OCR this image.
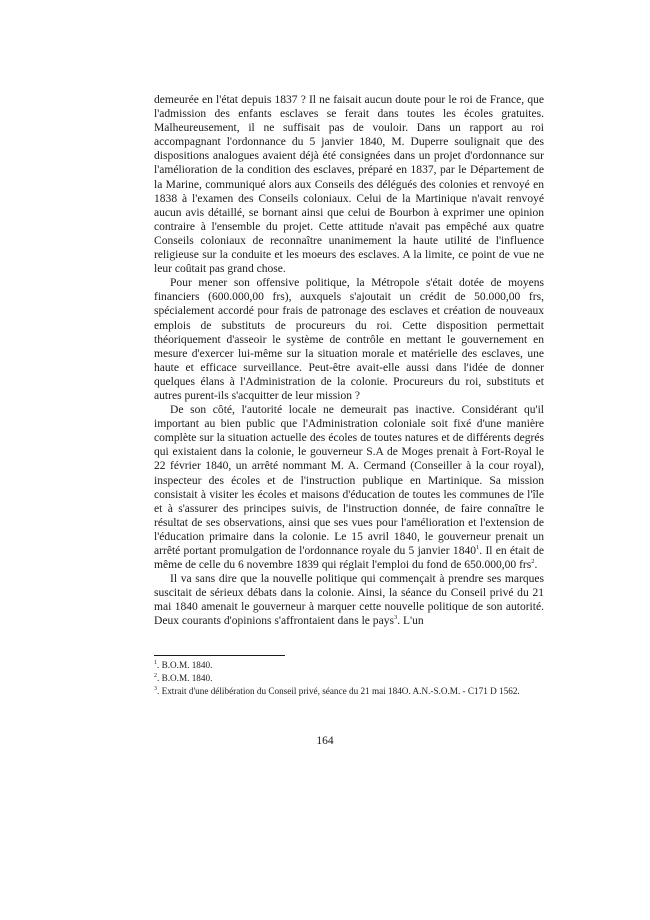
demeurée en l'état depuis 1837 ? Il ne faisait aucun doute pour le roi de France, que l'admission des enfants esclaves se ferait dans toutes les écoles gratuites. Malheureusement, il ne suffisait pas de vouloir. Dans un rapport au roi accompagnant l'ordonnance du 5 janvier 1840, M. Duperre soulignait que des dispositions analogues avaient déjà été consignées dans un projet d'ordonnance sur l'amélioration de la condition des esclaves, préparé en 1837, par le Département de la Marine, communiqué alors aux Conseils des délégués des colonies et renvoyé en 1838 à l'examen des Conseils coloniaux. Celui de la Martinique n'avait renvoyé aucun avis détaillé, se bornant ainsi que celui de Bourbon à exprimer une opinion contraire à l'ensemble du projet. Cette attitude n'avait pas empêché aux quatre Conseils coloniaux de reconnaître unanimement la haute utilité de l'influence religieuse sur la conduite et les moeurs des esclaves. A la limite, ce point de vue ne leur coûtait pas grand chose.

Pour mener son offensive politique, la Métropole s'était dotée de moyens financiers (600.000,00 frs), auxquels s'ajoutait un crédit de 50.000,00 frs, spécialement accordé pour frais de patronage des esclaves et création de nouveaux emplois de substituts de procureurs du roi. Cette disposition permettait théoriquement d'asseoir le système de contrôle en mettant le gouvernement en mesure d'exercer lui-même sur la situation morale et matérielle des esclaves, une haute et efficace surveillance. Peut-être avait-elle aussi dans l'idée de donner quelques élans à l'Administration de la colonie. Procureurs du roi, substituts et autres purent-ils s'acquitter de leur mission ?

De son côté, l'autorité locale ne demeurait pas inactive. Considérant qu'il important au bien public que l'Administration coloniale soit fixé d'une manière complète sur la situation actuelle des écoles de toutes natures et de différents degrés qui existaient dans la colonie, le gouverneur S.A de Moges prenait à Fort-Royal le 22 février 1840, un arrêté nommant M. A. Cermand (Conseiller à la cour royal), inspecteur des écoles et de l'instruction publique en Martinique. Sa mission consistait à visiter les écoles et maisons d'éducation de toutes les communes de l'île et à s'assurer des principes suivis, de l'instruction donnée, de faire connaître le résultat de ses observations, ainsi que ses vues pour l'amélioration et l'extension de l'éducation primaire dans la colonie. Le 15 avril 1840, le gouverneur prenait un arrêté portant promulgation de l'ordonnance royale du 5 janvier 1840$^1$. Il en était de même de celle du 6 novembre 1839 qui réglait l'emploi du fond de 650.000,00 frs$^2$.

Il va sans dire que la nouvelle politique qui commençait à prendre ses marques suscitait de sérieux débats dans la colonie. Ainsi, la séance du Conseil privé du 21 mai 1840 amenait le gouverneur à marquer cette nouvelle politique de son autorité. Deux courants d'opinions s'affrontaient dans le pays$^3$. L'un

$^1$. B.O.M. 1840.

$^2$. B.O.M. 1840.

$^3$. Extrait d'une délibération du Conseil privé, séance du 21 mai 184O. A.N.-S.O.M. - C171 D 1562.

164
